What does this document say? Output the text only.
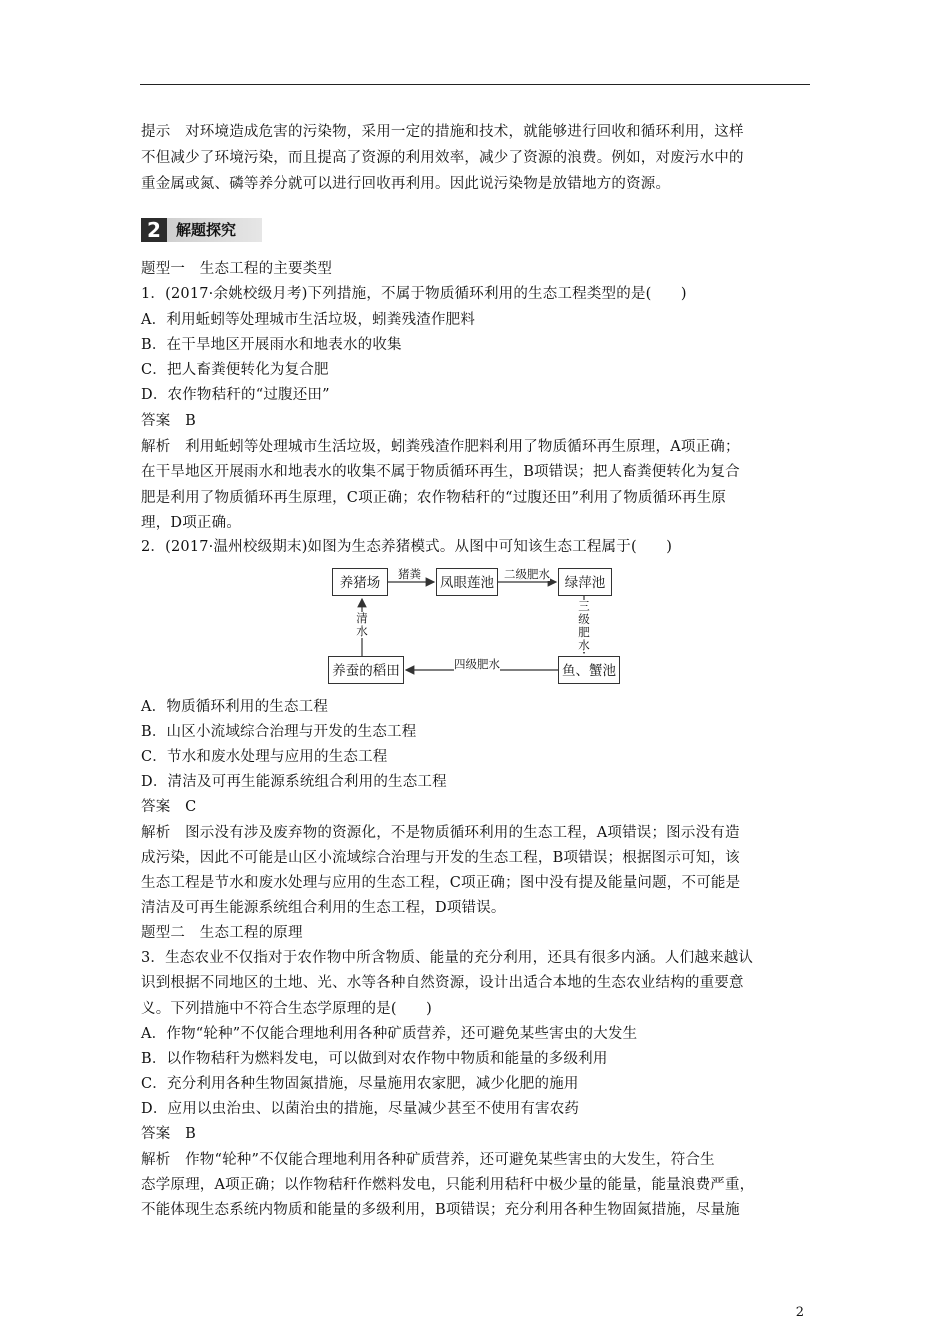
提示　对环境造成危害的污染物，采用一定的措施和技术，就能够进行回收和循环利用，这样
不但减少了环境污染，而且提高了资源的利用效率，减少了资源的浪费。例如，对废污水中的
重金属或氮、磷等养分就可以进行回收再利用。因此说污染物是放错地方的资源。
2	解题探究
题型一　生态工程的主要类型
1．(2017·余姚校级月考)下列措施，不属于物质循环利用的生态工程类型的是(　　)
A．利用蚯蚓等处理城市生活垃圾，蚓粪残渣作肥料
B．在干旱地区开展雨水和地表水的收集
C．把人畜粪便转化为复合肥
D．农作物秸秆的“过腹还田”
答案　B
解析　利用蚯蚓等处理城市生活垃圾，蚓粪残渣作肥料利用了物质循环再生原理，A项正确；
在干旱地区开展雨水和地表水的收集不属于物质循环再生，B项错误；把人畜粪便转化为复合
肥是利用了物质循环再生原理，C项正确；农作物秸秆的“过腹还田”利用了物质循环再生原
理，D项正确。
2．(2017·温州校级期末)如图为生态养猪模式。从图中可知该生态工程属于(　　)
养猪场	凤眼莲池	绿萍池
鱼、蟹池
养蚕的稻田
猪粪	二级肥水
三
级
肥
水
四级肥水
清
水
A．物质循环利用的生态工程
B．山区小流域综合治理与开发的生态工程
C．节水和废水处理与应用的生态工程
D．清洁及可再生能源系统组合利用的生态工程
答案　C
解析　图示没有涉及废弃物的资源化，不是物质循环利用的生态工程，A项错误；图示没有造
成污染，因此不可能是山区小流域综合治理与开发的生态工程，B项错误；根据图示可知，该
生态工程是节水和废水处理与应用的生态工程，C项正确；图中没有提及能量问题，不可能是
清洁及可再生能源系统组合利用的生态工程，D项错误。
题型二　生态工程的原理
3．生态农业不仅指对于农作物中所含物质、能量的充分利用，还具有很多内涵。人们越来越认
识到根据不同地区的土地、光、水等各种自然资源，设计出适合本地的生态农业结构的重要意
义。下列措施中不符合生态学原理的是(　　)
A．作物“轮种”不仅能合理地利用各种矿质营养，还可避免某些害虫的大发生
B．以作物秸秆为燃料发电，可以做到对农作物中物质和能量的多级利用
C．充分利用各种生物固氮措施，尽量施用农家肥，减少化肥的施用
D．应用以虫治虫、以菌治虫的措施，尽量减少甚至不使用有害农药
答案　B
解析　作物“轮种”不仅能合理地利用各种矿质营养，还可避免某些害虫的大发生，符合生
态学原理，A项正确；以作物秸秆作燃料发电，只能利用秸秆中极少量的能量，能量浪费严重，
不能体现生态系统内物质和能量的多级利用，B项错误；充分利用各种生物固氮措施，尽量施
2
